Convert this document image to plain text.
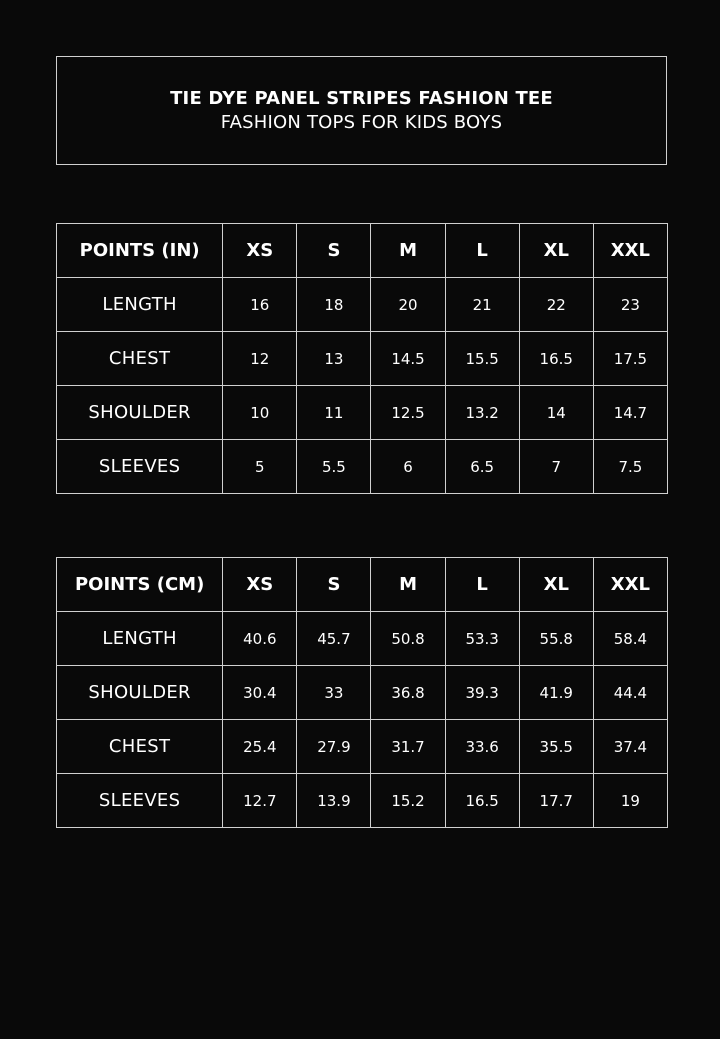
TIE DYE PANEL STRIPES FASHION TEE
FASHION TOPS FOR KIDS BOYS
POINTS (IN)	XS	S	M	L	XL	XXL
LENGTH	16	18	20	21	22	23
CHEST	12	13	14.5	15.5	16.5	17.5
SHOULDER	10	11	12.5	13.2	14	14.7
SLEEVES	5	5.5	6	6.5	7	7.5
POINTS (CM)	XS	S	M	L	XL	XXL
LENGTH	40.6	45.7	50.8	53.3	55.8	58.4
SHOULDER	30.4	33	36.8	39.3	41.9	44.4
CHEST	25.4	27.9	31.7	33.6	35.5	37.4
SLEEVES	12.7	13.9	15.2	16.5	17.7	19
